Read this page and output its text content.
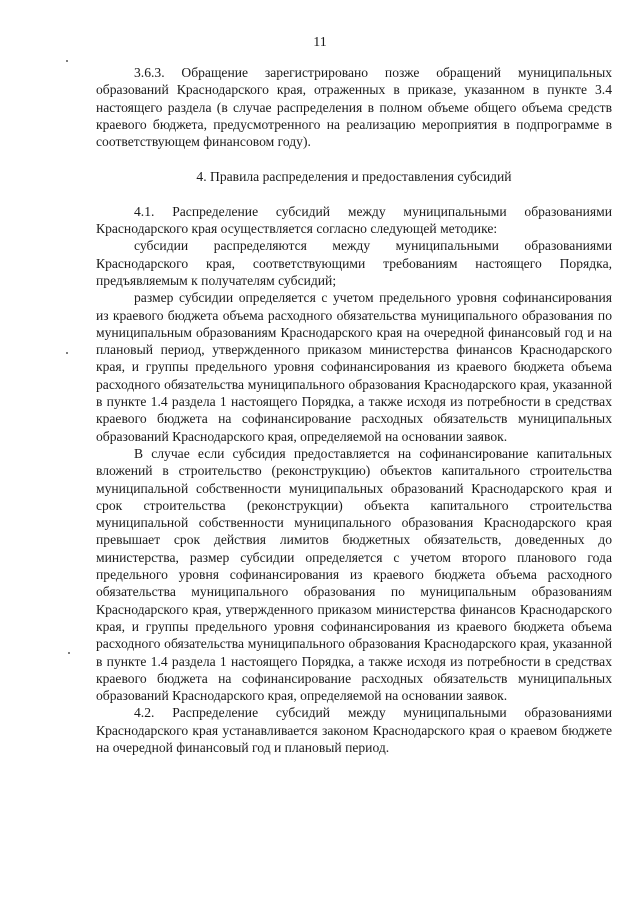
11

3.6.3. Обращение зарегистрировано позже обращений муниципальных образований Краснодарского края, отраженных в приказе, указанном в пункте 3.4 настоящего раздела (в случае распределения в полном объеме общего объема средств краевого бюджета, предусмотренного на реализацию мероприятия в подпрограмме в соответствующем финансовом году).

4. Правила распределения и предоставления субсидий

4.1. Распределение субсидий между муниципальными образованиями Краснодарского края осуществляется согласно следующей методике:

субсидии распределяются между муниципальными образованиями Краснодарского края, соответствующими требованиям настоящего Порядка, предъявляемым к получателям субсидий;

размер субсидии определяется с учетом предельного уровня софинансирования из краевого бюджета объема расходного обязательства муниципального образования по муниципальным образованиям Краснодарского края на очередной финансовый год и на плановый период, утвержденного приказом министерства финансов Краснодарского края, и группы предельного уровня софинансирования из краевого бюджета объема расходного обязательства муниципального образования Краснодарского края, указанной в пункте 1.4 раздела 1 настоящего Порядка, а также исходя из потребности в средствах краевого бюджета на софинансирование расходных обязательств муниципальных образований Краснодарского края, определяемой на основании заявок.

В случае если субсидия предоставляется на софинансирование капитальных вложений в строительство (реконструкцию) объектов капитального строительства муниципальной собственности муниципальных образований Краснодарского края и срок строительства (реконструкции) объекта капитального строительства муниципальной собственности муниципального образования Краснодарского края превышает срок действия лимитов бюджетных обязательств, доведенных до министерства, размер субсидии определяется с учетом второго планового года предельного уровня софинансирования из краевого бюджета объема расходного обязательства муниципального образования по муниципальным образованиям Краснодарского края, утвержденного приказом министерства финансов Краснодарского края, и группы предельного уровня софинансирования из краевого бюджета объема расходного обязательства муниципального образования Краснодарского края, указанной в пункте 1.4 раздела 1 настоящего Порядка, а также исходя из потребности в средствах краевого бюджета на софинансирование расходных обязательств муниципальных образований Краснодарского края, определяемой на основании заявок.

4.2. Распределение субсидий между муниципальными образованиями Краснодарского края устанавливается законом Краснодарского края о краевом бюджете на очередной финансовый год и плановый период.
